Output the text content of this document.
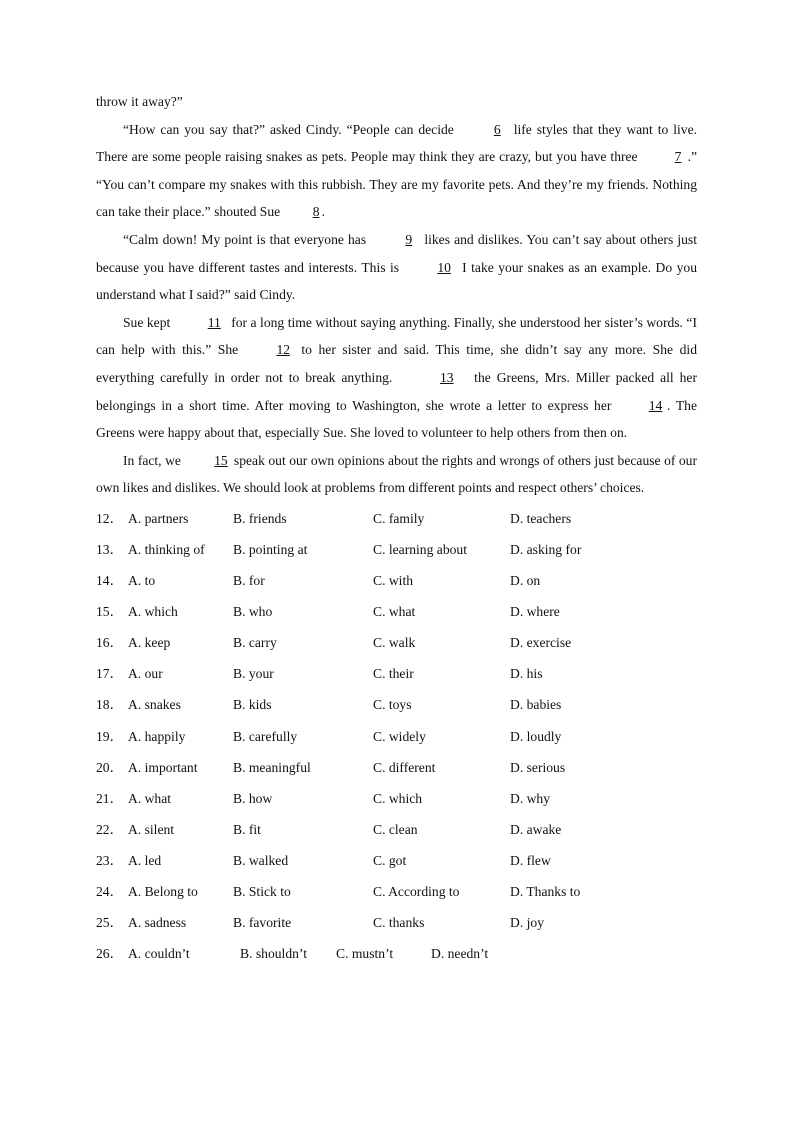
throw it away?”

“How can you say that?” asked Cindy. “People can decide	6 life styles that they want to live. There are some people raising snakes as pets. People may think they are crazy, but you have three 7 .” “You can’t compare my snakes with this rubbish. They are my favorite pets. And they’re my friends. Nothing can take their place.” shouted Sue 8 .

“Calm down! My point is that everyone has	9 likes and dislikes. You can’t say about others just because you have different tastes and interests. This is 10 I take your snakes as an example. Do you understand what I said?” said Cindy.

Sue kept 11 for a long time without saying anything. Finally, she understood her sister’s words. “I can help with this.” She 12 to her sister and said. This time, she didn’t say any more. She did everything carefully in order not to break anything.	13 the Greens, Mrs. Miller packed all her belongings in a short time. After moving to Washington, she wrote a letter to express her 14 . The Greens were happy about that, especially Sue. She loved to volunteer to help others from then on.

In fact, we 15 speak out our own opinions about the rights and wrongs of others just because of our own likes and dislikes. We should look at problems from different points and respect others’ choices.

12． A. partners	B. friends	C. family	D. teachers
13． A. thinking of B. pointing at	C. learning about	D. asking for
14． A. to	B. for	C. with	D. on
15． A. which	B. who	C. what	D. where
16． A. keep	B. carry	C. walk	D. exercise
17． A. our	B. your	C. their	D. his
18． A. snakes	B. kids	C. toys	D. babies
19． A. happily	B. carefully	C. widely	D. loudly
20． A. important	B. meaningful	C. different	D. serious
21． A. what	B. how	C. which	D. why
22． A. silent	B. fit	C. clean	D. awake
23． A. led	B. walked	C. got	D. flew
24． A. Belong to	B. Stick to	C. According to	D. Thanks to
25． A. sadness	B. favorite	C. thanks	D. joy
26． A. couldn’t	B. shouldn’t C. mustn’t	D. needn’t
